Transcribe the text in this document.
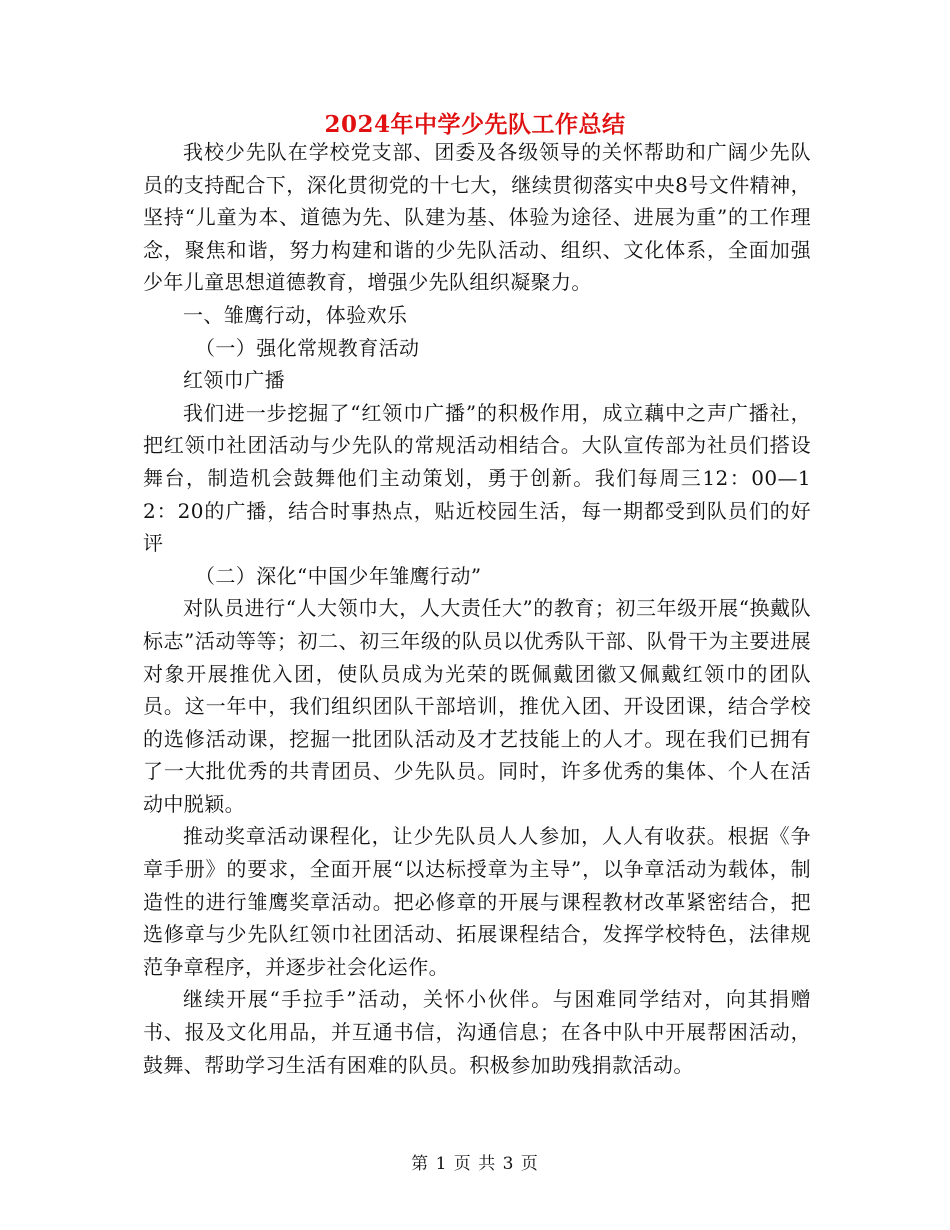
2024年中学少先队工作总结

我校少先队在学校党支部、团委及各级领导的关怀帮助和广阔少先队员的支持配合下，深化贯彻党的十七大，继续贯彻落实中央8号文件精神，坚持“儿童为本、道德为先、队建为基、体验为途径、进展为重”的工作理念，聚焦和谐，努力构建和谐的少先队活动、组织、文化体系，全面加强少年儿童思想道德教育，增强少先队组织凝聚力。

一、雏鹰行动，体验欢乐

（一）强化常规教育活动

红领巾广播

我们进一步挖掘了“红领巾广播”的积极作用，成立藕中之声广播社，把红领巾社团活动与少先队的常规活动相结合。大队宣传部为社员们搭设舞台，制造机会鼓舞他们主动策划，勇于创新。我们每周三12：00—12：20的广播，结合时事热点，贴近校园生活，每一期都受到队员们的好评

（二）深化“中国少年雏鹰行动”

对队员进行“人大领巾大，人大责任大”的教育；初三年级开展“换戴队标志”活动等等；初二、初三年级的队员以优秀队干部、队骨干为主要进展对象开展推优入团，使队员成为光荣的既佩戴团徽又佩戴红领巾的团队员。这一年中，我们组织团队干部培训，推优入团、开设团课，结合学校的选修活动课，挖掘一批团队活动及才艺技能上的人才。现在我们已拥有了一大批优秀的共青团员、少先队员。同时，许多优秀的集体、个人在活动中脱颖。

推动奖章活动课程化，让少先队员人人参加，人人有收获。根据《争章手册》的要求，全面开展“以达标授章为主导”，以争章活动为载体，制造性的进行雏鹰奖章活动。把必修章的开展与课程教材改革紧密结合，把选修章与少先队红领巾社团活动、拓展课程结合，发挥学校特色，法律规范争章程序，并逐步社会化运作。

继续开展“手拉手”活动，关怀小伙伴。与困难同学结对，向其捐赠书、报及文化用品，并互通书信，沟通信息；在各中队中开展帮困活动，鼓舞、帮助学习生活有困难的队员。积极参加助残捐款活动。

第 1 页 共 3 页
